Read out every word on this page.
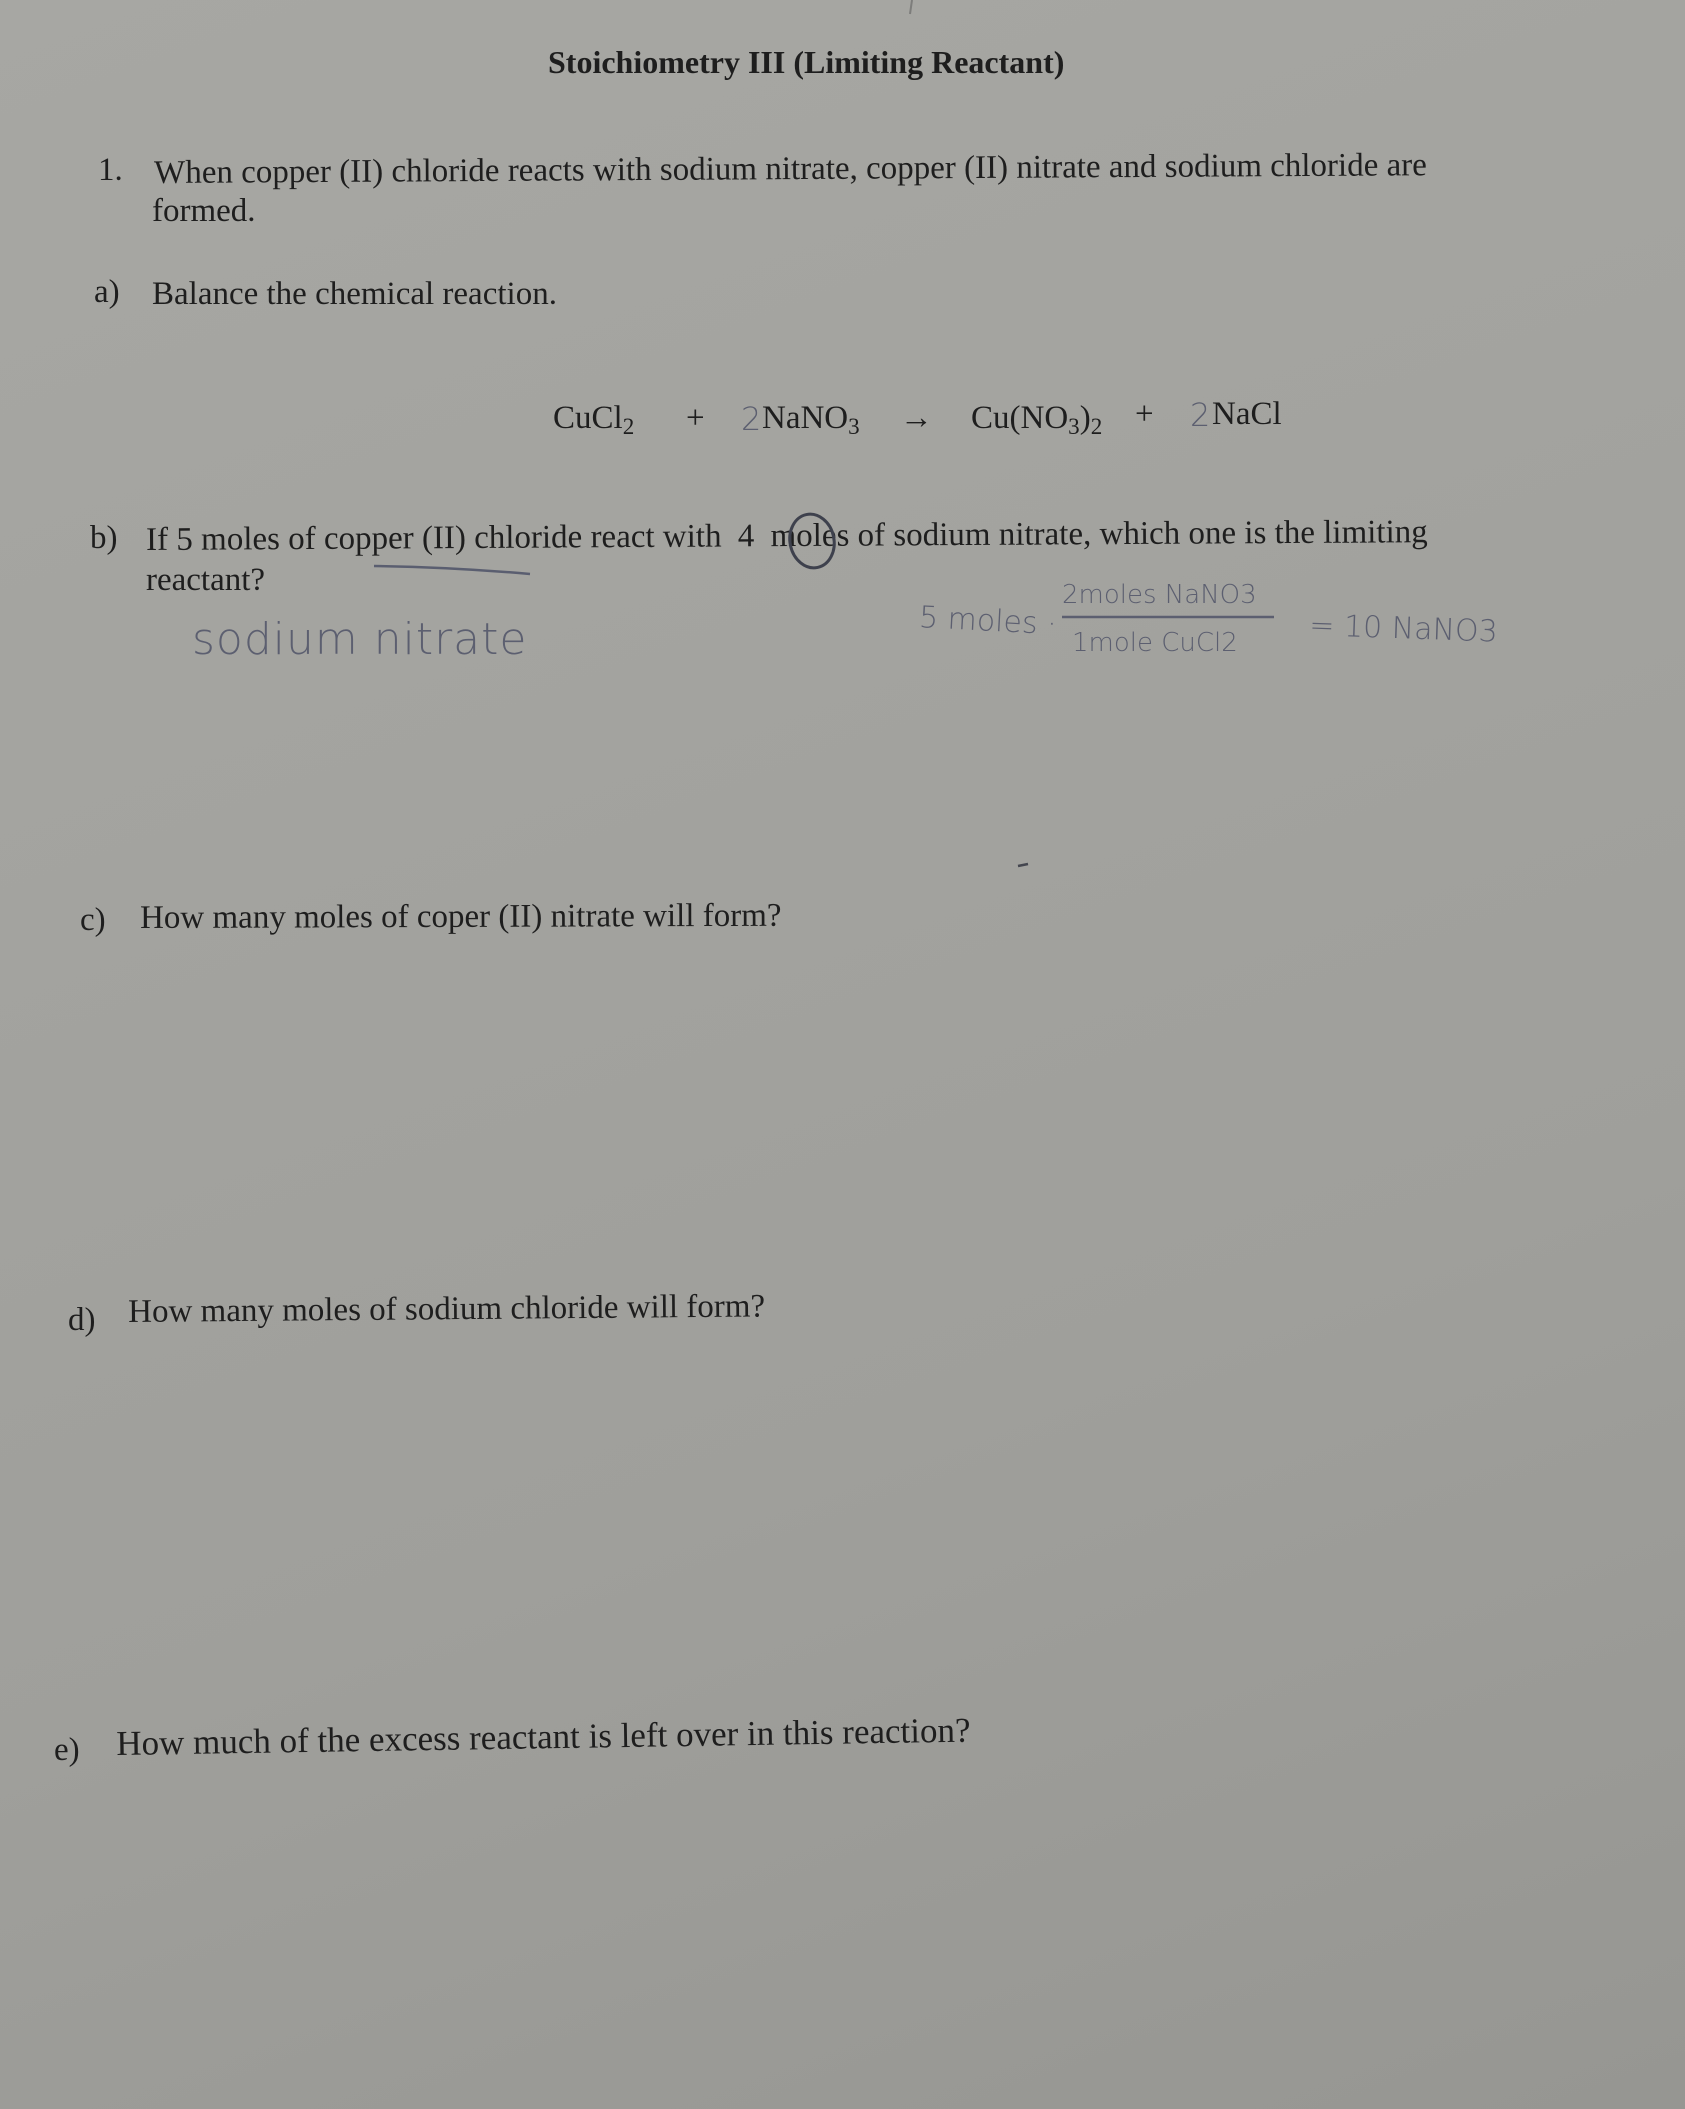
Stoichiometry III (Limiting Reactant)
1. When copper (II) chloride reacts with sodium nitrate, copper (II) nitrate and sodium chloride are
formed.
a) Balance the chemical reaction.
CuCl$_2$ + 2 NaNO$_3$ → $Cu(NO_3)_2 + 2$ NaCl
b) If 5 moles of copper (II) chloride react with 4 moles of sodium nitrate, which one is the limiting
reactant?
sodium nitrate	5 moles ·
2moles NaNO3
1mole CuCl2 = 10 NaNO3
c) How many moles of coper (II) nitrate will form?
d) How many moles of sodium chloride will form?
e) How much of the excess reactant is left over in this reaction?
